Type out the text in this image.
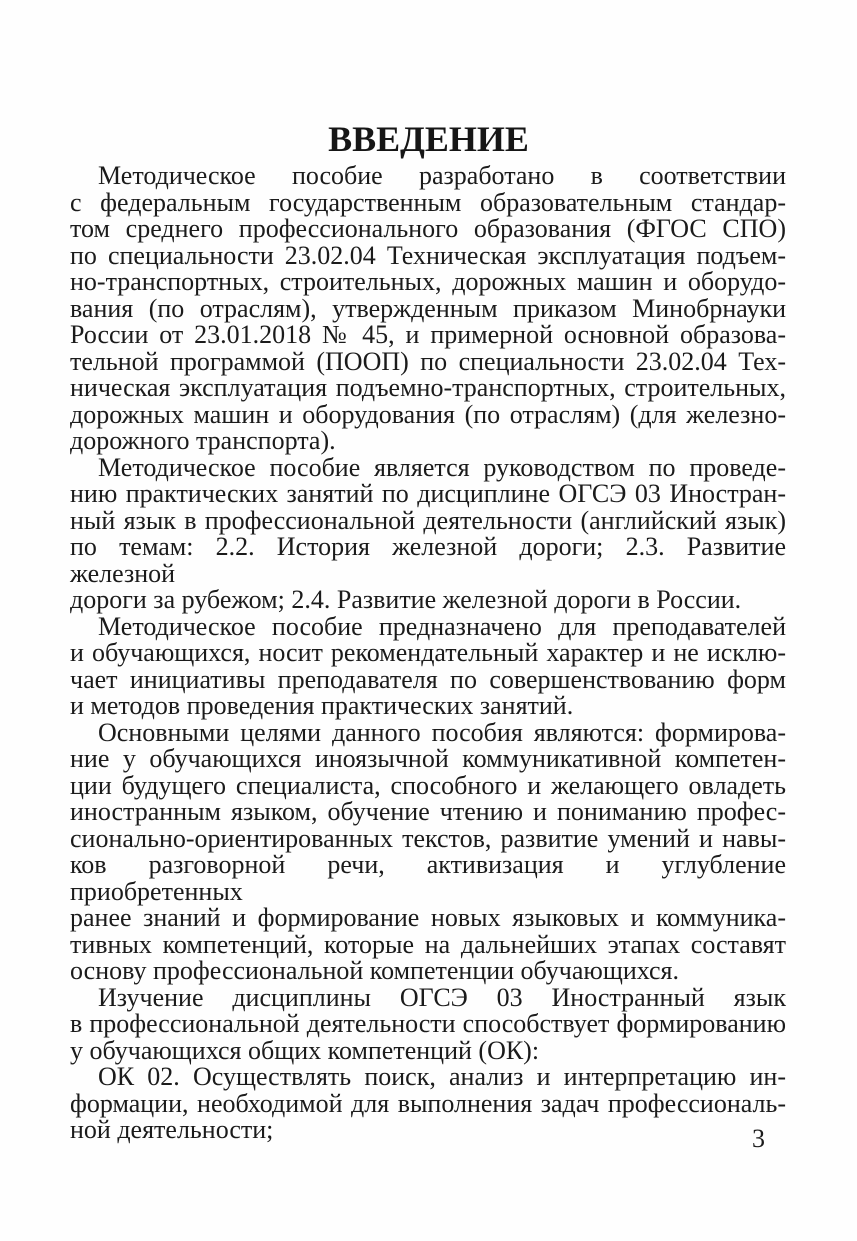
ВВЕДЕНИЕ
Методическое пособие разработано в соответствии
с федеральным государственным образовательным стандар-
том среднего профессионального образования (ФГОС СПО)
по специальности 23.02.04 Техническая эксплуатация подъем-
но-транспортных, строительных, дорожных машин и оборудо-
вания (по отраслям), утвержденным приказом Минобрнауки
России от 23.01.2018 № 45, и примерной основной образова-
тельной программой (ПООП) по специальности 23.02.04 Тех-
ническая эксплуатация подъемно-транспортных, строительных,
дорожных машин и оборудования (по отраслям) (для железно-
дорожного транспорта).
Методическое пособие является руководством по проведе-
нию практических занятий по дисциплине ОГСЭ 03 Иностран-
ный язык в профессиональной деятельности (английский язык)
по темам: 2.2. История железной дороги; 2.3. Развитие железной
дороги за рубежом; 2.4. Развитие железной дороги в России.
Методическое пособие предназначено для преподавателей
и обучающихся, носит рекомендательный характер и не исклю-
чает инициативы преподавателя по совершенствованию форм
и методов проведения практических занятий.
Основными целями данного пособия являются: формирова-
ние у обучающихся иноязычной коммуникативной компетен-
ции будущего специалиста, способного и желающего овладеть
иностранным языком, обучение чтению и пониманию профес-
сионально-ориентированных текстов, развитие умений и навы-
ков разговорной речи, активизация и углубление приобретенных
ранее знаний и формирование новых языковых и коммуника-
тивных компетенций, которые на дальнейших этапах составят
основу профессиональной компетенции обучающихся.
Изучение дисциплины ОГСЭ 03 Иностранный язык
в профессиональной деятельности способствует формированию
у обучающихся общих компетенций (ОК):
ОК 02. Осуществлять поиск, анализ и интерпретацию ин-
формации, необходимой для выполнения задач профессиональ-
ной деятельности;	3
